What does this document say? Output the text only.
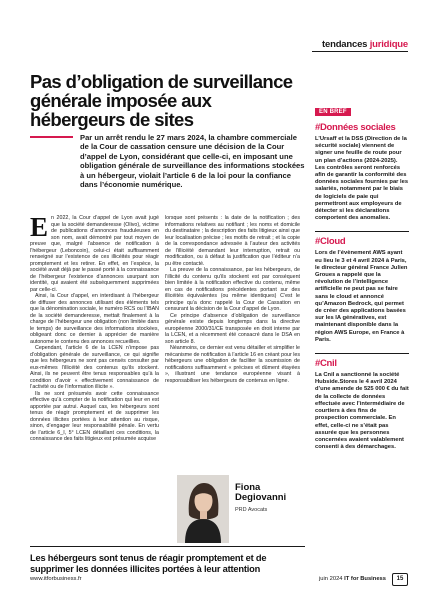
tendances juridique
Pas d’obligation de surveillance générale imposée aux hébergeurs de sites
Par un arrêt rendu le 27 mars 2024, la chambre commerciale de la Cour de cassation censure une décision de la Cour d’appel de Lyon, considérant que celle-ci, en imposant une obligation générale de surveillance des informations stockées à un hébergeur, violait l’article 6 de la loi pour la confiance dans l’économie numérique.

En 2022, la Cour d’appel de Lyon avait jugé que la société demanderesse (Olivo), victime de publications d’annonces frauduleuses en son nom, avait démontré par tout moyen de preuve que, malgré l’absence de notification à l’hébergeur (Leboncoin), celui-ci était suffisamment renseigné sur l’existence de ces illicéités pour réagir promptement et les retirer. En effet, en l’espèce, la société avait déjà par le passé porté à la connaissance de l’hébergeur l’existence d’annonces usurpant son identité, qui avaient été subséquemment supprimées par celle-ci.

Ainsi, la Cour d’appel, en interdisant à l’hébergeur de diffuser des annonces utilisant des éléments tels que la dénomination sociale, le numéro RCS ou l’IBAN de la société demanderesse, mettait finalement à la charge de l’hébergeur une obligation (non limitée dans le temps) de surveillance des informations stockées, obligeant donc ce dernier à apprécier de manière autonome le contenu des annonces recueillies.

Cependant, l’article 6 de la LCEN n’impose pas d’obligation générale de surveillance, ce qui signifie que les hébergeurs ne sont pas censés consulter par eux-mêmes l’illicéité des contenus qu’ils stockent. Ainsi, ils ne peuvent être tenus responsables qu’à la condition d’avoir « effectivement connaissance de l’activité ou de l’information illicite ».

Ils ne sont présumés avoir cette connaissance effective qu’à compter de la notification qui leur en est apportée par autrui. Auquel cas, les hébergeurs sont tenus de réagir promptement et de supprimer les données illicites portées à leur attention au risque, sinon, d’engager leur responsabilité pénale. En vertu de l’article 6_I, 5° LCEN détaillant ces conditions, la connaissance des faits litigieux est présumée acquise

lorsque sont présents : la date de la notification ; des informations relatives au notifiant ; les noms et domicile du destinataire ; la description des faits litigieux ainsi que leur localisation précise ; les motifs de retrait ; et la copie de la correspondance adressée à l’auteur des activités de l’illicéité demandant leur interruption, retrait ou modification, ou à défaut la justification que l’éditeur n’a pu être contacté.

La preuve de la connaissance, par les hébergeurs, de l’illicité du contenu qu’ils stockent est par conséquent bien limitée à la notification effective du contenu, même en cas de notifications précédentes portant sur des illicéités équivalentes (ou même identiques) C’est le principe qu’a donc rappelé la Cour de Cassation en censurant la décision de la Cour d’appel de Lyon.

Ce principe d’absence d’obligation de surveillance générale existe depuis longtemps dans la directive européenne 2000/31/CE transposée en droit interne par la LCEN, et a récemment été consacré dans le DSA en son article 8.

Néanmoins, ce dernier est venu détailler et simplifier le mécanisme de notification à l’article 16 en créant pour les hébergeurs une obligation de faciliter la soumission de notifications suffisamment « précises et dûment étayées », illustrant une tendance européenne visant à responsabiliser les hébergeurs de contenus en ligne.

Fiona
Degiovanni
PRD Avocats
Les hébergeurs sont tenus de réagir promptement et de supprimer les données illicites portées à leur attention
EN BREF
#Données sociales

L’Ursaff et la DSS (Direction de la sécurité sociale) viennent de signer une feuille de route pour un plan d’actions (2024-2025). Les contrôles seront renforcés afin de garantir la conformité des données sociales fournies par les salariés, notamment par le biais de logiciels de paie qui permettront aux employeurs de détecter si les déclarations comportent des anomalies.

#Cloud

Lors de l’évènement AWS ayant eu lieu le 3 et 4 avril 2024 à Paris, le directeur général France Julien Groues a rappelé que la révolution de l’intelligence artificielle ne peut pas se faire sans le cloud et annoncé qu’Amazon Bedrock, qui permet de créer des applications basées sur les IA génératives, est maintenant disponible dans la région AWS Europe, en France à Paris.

#Cnil

La Cnil a sanctionné la société Hubside.Stores le 4 avril 2024 d’une amende de 525 000 € du fait de la collecte de données effectuée avec l’intermédiaire de courtiers à des fins de prospection commerciale. En effet, celle-ci ne s’était pas assurée que les personnes concernées avaient valablement consenti à des démarchages.

www.itforbusiness.fr	juin 2024 IT for Business	15
